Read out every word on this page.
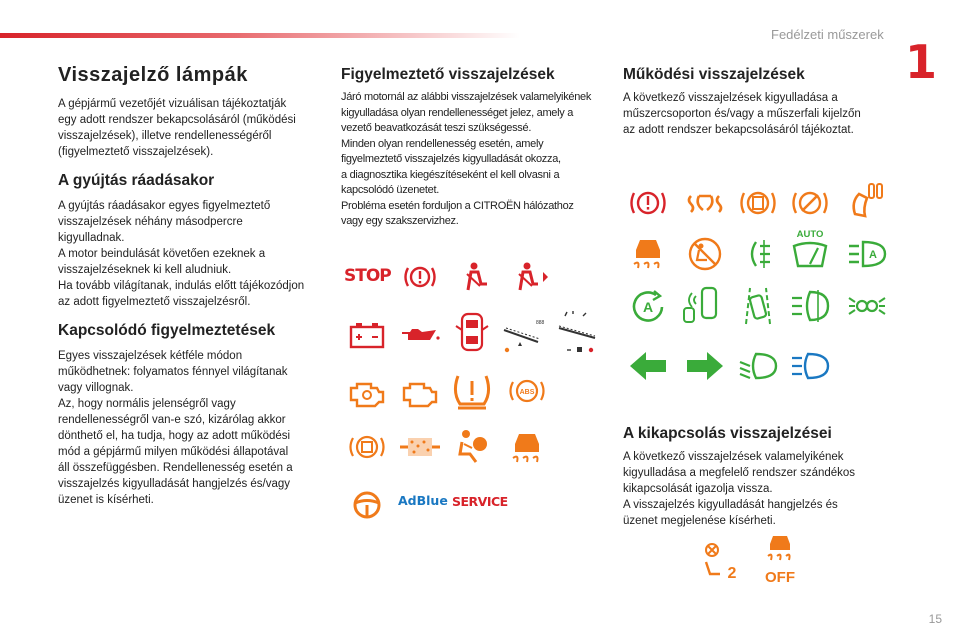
Fedélzeti műszerek
1
15
Visszajelző lámpák
A gépjármű vezetőjét vizuálisan tájékoztatják
egy adott rendszer bekapcsolásáról (működési
visszajelzések), illetve rendellenességéről
(figyelmeztető visszajelzések).
A gyújtás ráadásakor
A gyújtás ráadásakor egyes figyelmeztető
visszajelzések néhány másodpercre
kigyulladnak.
A motor beindulását követően ezeknek a
visszajelzéseknek ki kell aludniuk.
Ha tovább világítanak, indulás előtt tájékozódjon
az adott figyelmeztető visszajelzésről.
Kapcsolódó figyelmeztetések
Egyes visszajelzések kétféle módon
működhetnek: folyamatos fénnyel világítanak
vagy villognak.
Az, hogy normális jelenségről vagy
rendellenességről van-e szó, kizárólag akkor
dönthető el, ha tudja, hogy az adott működési
mód a gépjármű milyen működési állapotával
áll összefüggésben. Rendellenesség esetén a
visszajelzés kigyulladását hangjelzés és/vagy
üzenet is kísérheti.
Figyelmeztető visszajelzések
Járó motornál az alábbi visszajelzések valamelyikének
kigyulladása olyan rendellenességet jelez, amely a
vezető beavatkozását teszi szükségessé.
Minden olyan rendellenesség esetén, amely
figyelmeztető visszajelzés kigyulladását okozza,
a diagnosztika kiegészítéseként el kell olvasni a
kapcsolódó üzenetet.
Probléma esetén forduljon a CITROËN hálózathoz
vagy egy szakszervizhez.
STOP
888
ABS
AdBlue SERVICE
Működési visszajelzések
A következő visszajelzések kigyulladása a
műszercsoporton és/vagy a műszerfali kijelzőn
az adott rendszer bekapcsolásáról tájékoztat.
AUTO
A
A
A kikapcsolás visszajelzései
A következő visszajelzések valamelyikének
kigyulladása a megfelelő rendszer szándékos
kikapcsolását igazolja vissza.
A visszajelzés kigyulladását hangjelzés és
üzenet megjelenése kísérheti.
2 OFF
